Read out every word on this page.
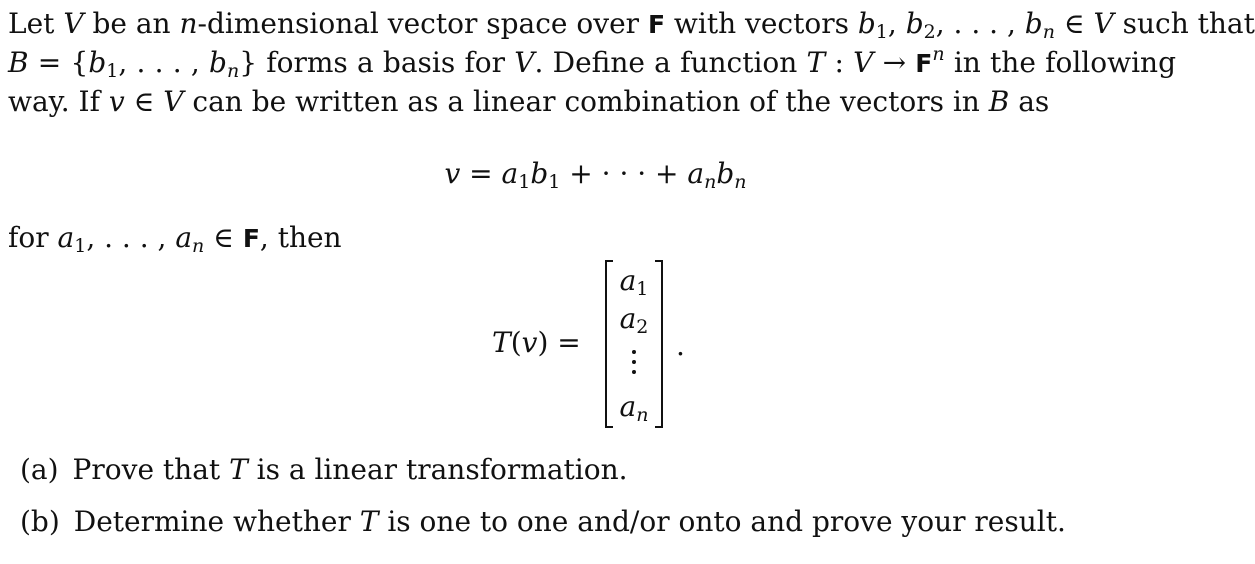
Let V be an n-dimensional vector space over F with vectors $b_1$, $b_2$, . . . , $b_n$ ∈ V such that
$B = \{b_1$, . . . , $b_n$} forms a basis for V. Define a function T : $V \to F^n$ in the following
way. If v ∈ V can be written as a linear combination of the vectors in B as
$v = a_1b_1$ + · · · + $a_nb_n$
for $a_1$, . . . , $a_n$ ∈ F, then
T(v) =
$a_1$
$a_2$
$a_n$
.
(a) Prove that T is a linear transformation.
(b) Determine whether T is one to one and/or onto and prove your result.
